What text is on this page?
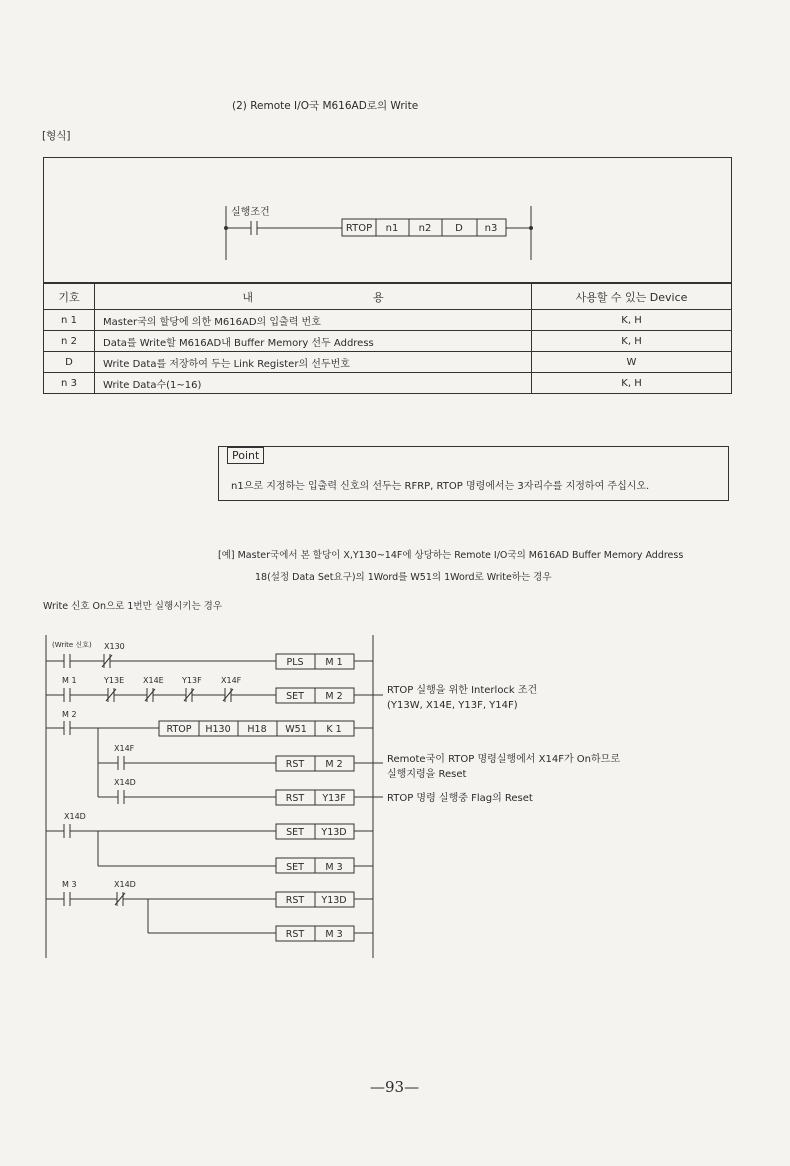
(2) Remote I/O국 M616AD로의 Write
[형식]
실행조건
RTOP n1 n2 D n3
기호	내 용	사용할 수 있는 Device
n 1	Master국의 할당에 의한 M616AD의 입출력 번호	K, H
n 2	Data를 Write할 M616AD내 Buffer Memory 선두 Address	K, H
D	Write Data를 저장하여 두는 Link Register의 선두번호	W
n 3	Write Data수(1~16)	K, H
Point
n1으로 지정하는 입출력 신호의 선두는 RFRP, RTOP 명령에서는 3자리수를 지정하여 주십시오.
[예] Master국에서 본 할당이 X,Y130~14F에 상당하는 Remote I/O국의 M616AD Buffer Memory Address
18(설정 Data Set요구)의 1Word를 W51의 1Word로 Write하는 경우
Write 신호 On으로 1번만 실행시키는 경우
(Write 신호) X130
M 1	Y13E X14E Y13F X14F
M 2
X14F
X14D
X14D
M 3	X14D
PLS M 1
SET M 2
RTOP H130 H18 W51 K 1
RST M 2
RST Y13F
SET Y13D
SET M 3
RST Y13D
RST M 3
RTOP 실행을 위한 Interlock 조건
(Y13W, X14E, Y13F, Y14F)
Remote국이 RTOP 명령실행에서 X14F가 On하므로
실행지령을 Reset
RTOP 명령 실행중 Flag의 Reset
—93—
